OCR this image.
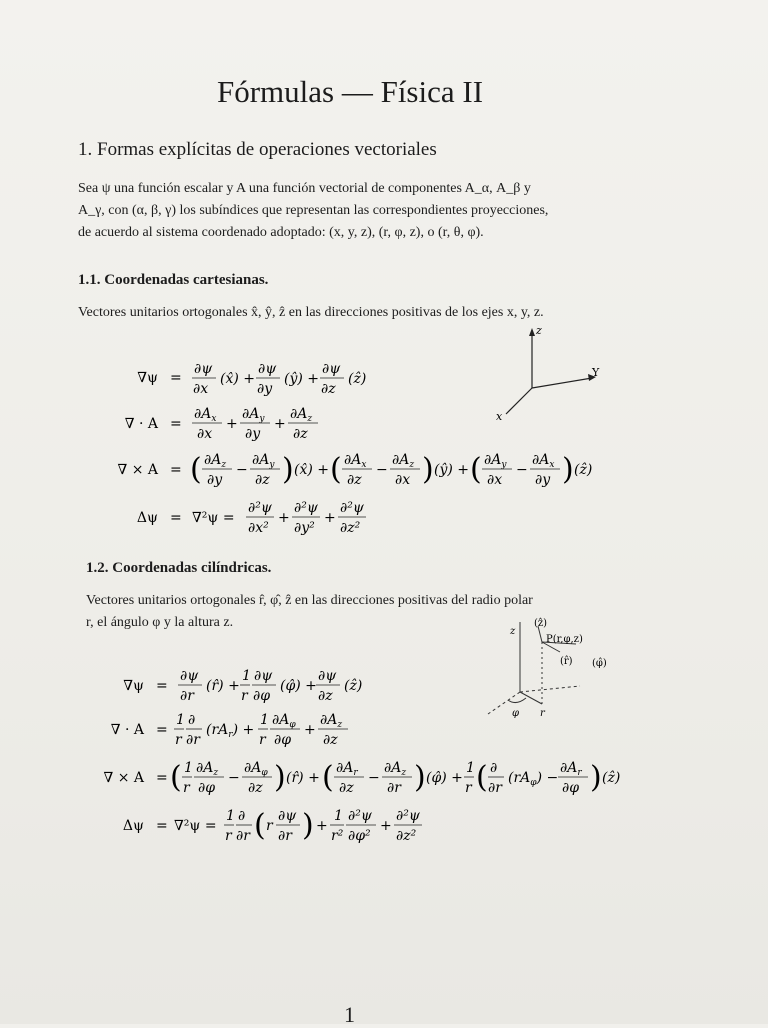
Fórmulas — Física II
1. Formas explícitas de operaciones vectoriales
Sea ψ una función escalar y A una función vectorial de componentes A_α, A_β y
A_γ, con (α, β, γ) los subíndices que representan las correspondientes proyecciones,
de acuerdo al sistema coordenado adoptado: (x, y, z), (r, φ, z), o (r, θ, φ).
1.1. Coordenadas cartesianas.
Vectores unitarios ortogonales x̂, ŷ, ẑ en las direcciones positivas de los ejes x, y, z.
∇ψ =
∂ψ
∂x
(x̂) +
∂ψ
∂y
(ŷ) +
∂ψ
∂z
(ẑ)
∇ · A =
$\partial A_x$
∂x
+
$\partial A_y$
∂y
+
$\partial A_z$
∂z
∇ × A = ( $\partial A_z$
∂y
−
$\partial A_y$
∂z ) (x̂) + ( $\partial A_x$
∂z
−
$\partial A_z$
∂x ) (ŷ) + ( $\partial A_y$
∂x
−
$\partial A_x$
∂y ) (ẑ)
Δψ = ∇²ψ =
∂²ψ
∂x²
+
∂²ψ
∂y²
+
∂²ψ
∂z²
z
Y
x
1.2. Coordenadas cilíndricas.
Vectores unitarios ortogonales r̂, φ̂, ẑ en las direcciones positivas del radio polar
r, el ángulo φ y la altura z.
∇ψ =
∂ψ
∂r
(r̂) +
1
r
∂ψ
∂φ
(φ̂) +
∂ψ
∂z
(ẑ)
∇ · A =
1
r
∂
∂r
$(rA_r)$ +
1
r
$\partial A_\varphi$
∂φ
+
$\partial A_z$
∂z
∇ × A = ( 1
r
$\partial A_z$
∂φ
−
$\partial A_\varphi$
∂z ) (r̂) + ( $\partial A_r$
∂z
−
$\partial A_z$
∂r ) (φ̂) +
1
r ( ∂
∂r
$(rA_\varphi)$ −
$\partial A_r$
∂φ ) (ẑ)
Δψ = ∇²ψ =
1
r
∂
∂r ( r
∂ψ
∂r ) +
1
r²
∂²ψ
∂φ²
+
∂²ψ
∂z²
z
(ẑ)
P(r,φ,z)
(r̂) (φ̂)
φ r
1
